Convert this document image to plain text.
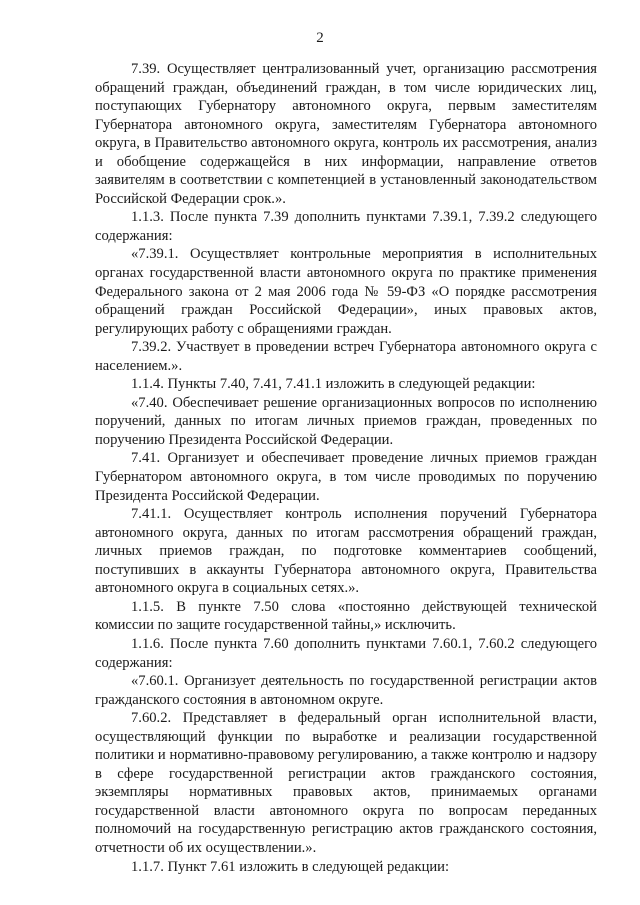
2

7.39. Осуществляет централизованный учет, организацию рассмотрения обращений граждан, объединений граждан, в том числе юридических лиц, поступающих Губернатору автономного округа, первым заместителям Губернатора автономного округа, заместителям Губернатора автономного округа, в Правительство автономного округа, контроль их рассмотрения, анализ и обобщение содержащейся в них информации, направление ответов заявителям в соответствии с компетенцией в установленный законодательством Российской Федерации срок.».

1.1.3. После пункта 7.39 дополнить пунктами 7.39.1, 7.39.2 следующего содержания:

«7.39.1. Осуществляет контрольные мероприятия в исполнительных органах государственной власти автономного округа по практике применения Федерального закона от 2 мая 2006 года № 59-ФЗ «О порядке рассмотрения обращений граждан Российской Федерации», иных правовых актов, регулирующих работу с обращениями граждан.

7.39.2. Участвует в проведении встреч Губернатора автономного округа с населением.».

1.1.4. Пункты 7.40, 7.41, 7.41.1 изложить в следующей редакции:

«7.40. Обеспечивает решение организационных вопросов по исполнению поручений, данных по итогам личных приемов граждан, проведенных по поручению Президента Российской Федерации.

7.41. Организует и обеспечивает проведение личных приемов граждан Губернатором автономного округа, в том числе проводимых по поручению Президента Российской Федерации.

7.41.1. Осуществляет контроль исполнения поручений Губернатора автономного округа, данных по итогам рассмотрения обращений граждан, личных приемов граждан, по подготовке комментариев сообщений, поступивших в аккаунты Губернатора автономного округа, Правительства автономного округа в социальных сетях.».

1.1.5. В пункте 7.50 слова «постоянно действующей технической комиссии по защите государственной тайны,» исключить.

1.1.6. После пункта 7.60 дополнить пунктами 7.60.1, 7.60.2 следующего содержания:

«7.60.1. Организует деятельность по государственной регистрации актов гражданского состояния в автономном округе.

7.60.2. Представляет в федеральный орган исполнительной власти, осуществляющий функции по выработке и реализации государственной политики и нормативно-правовому регулированию, а также контролю и надзору в сфере государственной регистрации актов гражданского состояния, экземпляры нормативных правовых актов, принимаемых органами государственной власти автономного округа по вопросам переданных полномочий на государственную регистрацию актов гражданского состояния, отчетности об их осуществлении.».

1.1.7. Пункт 7.61 изложить в следующей редакции:
